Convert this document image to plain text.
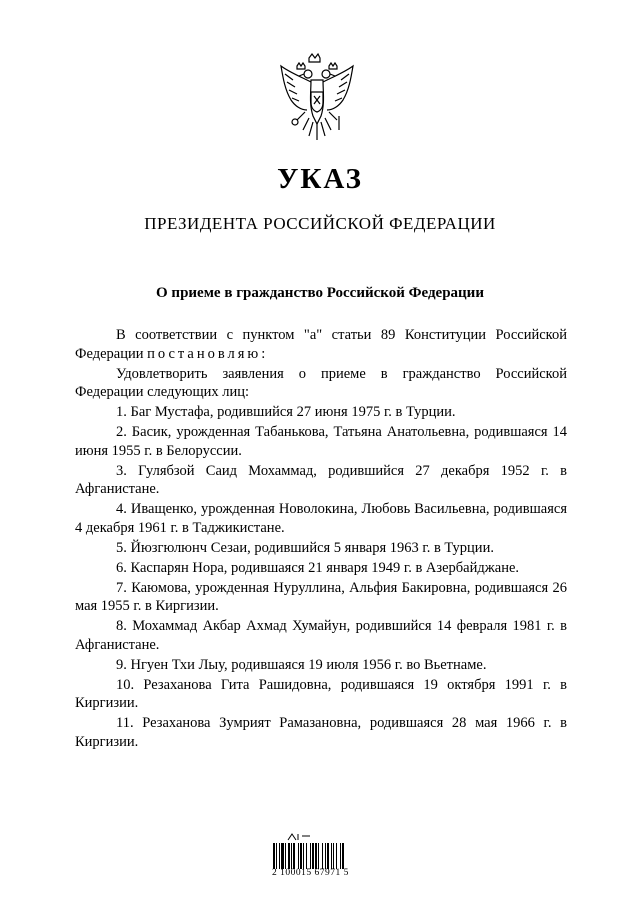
УКАЗ
ПРЕЗИДЕНТА РОССИЙСКОЙ ФЕДЕРАЦИИ
О приеме в гражданство Российской Федерации

В соответствии с пунктом "а" статьи 89 Конституции Российской Федерации постановляю:

Удовлетворить заявления о приеме в гражданство Российской Федерации следующих лиц:

1. Баг Мустафа, родившийся 27 июня 1975 г. в Турции.

2. Басик, урожденная Табанькова, Татьяна Анатольевна, родившаяся 14 июня 1955 г. в Белоруссии.

3. Гулябзой Саид Мохаммад, родившийся 27 декабря 1952 г. в Афганистане.

4. Иващенко, урожденная Новолокина, Любовь Васильевна, родившаяся 4 декабря 1961 г. в Таджикистане.

5. Йюзгюлюнч Сезаи, родившийся 5 января 1963 г. в Турции.

6. Каспарян Нора, родившаяся 21 января 1949 г. в Азербайджане.

7. Каюмова, урожденная Нуруллина, Альфия Бакировна, родившаяся 26 мая 1955 г. в Киргизии.

8. Мохаммад Акбар Ахмад Хумайун, родившийся 14 февраля 1981 г. в Афганистане.

9. Нгуен Тхи Лыу, родившаяся 19 июля 1956 г. во Вьетнаме.

10. Резаханова Гита Рашидовна, родившаяся 19 октября 1991 г. в Киргизии.

11. Резаханова Зумрият Рамазановна, родившаяся 28 мая 1966 г. в Киргизии.

2 100015 67971 5
